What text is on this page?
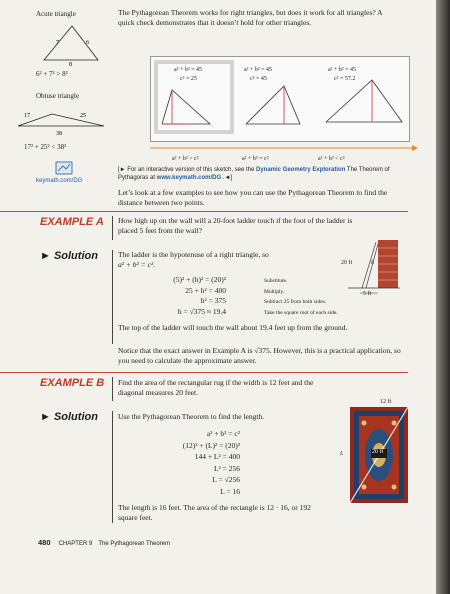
Acute triangle
7	6
8
6² + 7² > 8²
Obtuse triangle
17	25
38
17² + 25² < 38²
keymath.com/DG
The Pythagorean Theorem works for right triangles, but does it work for all triangles? A quick check demonstrates that it doesn’t hold for other triangles.
a² + b² = 45
c² = 25
a² + b² = 45
c² = 45
a² + b² = 45
c² = 57.2
a² + b² > c²	a² + b² = c²	a² + b² < c²
[► For an interactive version of this sketch, see the Dynamic Geometry Exploration The Theorem of Pythagoras at www.keymath.com/DG .◄]
Let’s look at a few examples to see how you can use the Pythagorean Theorem to find the distance between two points.
EXAMPLE A How high up on the wall will a 20-foot ladder touch if the foot of the ladder is placed 5 feet from the wall?
► Solution	The ladder is the hypotenuse of a right triangle, so
a² + b² = c².
(5)² + (h)² = (20)²
25 + h² = 400
h² = 375
h = √375 ≈ 19.4
Substitute.
Multiply.
Subtract 25 from both sides.
Take the square root of each side.
20 ft	h
5 ft
The top of the ladder will touch the wall about 19.4 feet up from the ground.
Notice that the exact answer in Example A is √375. However, this is a practical application, so you need to calculate the approximate answer.
EXAMPLE B Find the area of the rectangular rug if the width is 12 feet and the diagonal measures 20 feet.
► Solution	Use the Pythagorean Theorem to find the length.
a² + b² = c²
(12)² + (L)² = (20)²
144 + L² = 400
L² = 256
L = √256
L = 16
The length is 16 feet. The area of the rectangle is 12 · 16, or 192 square feet.
12 ft
L	20 ft
480 CHAPTER 9 The Pythagorean Theorem
